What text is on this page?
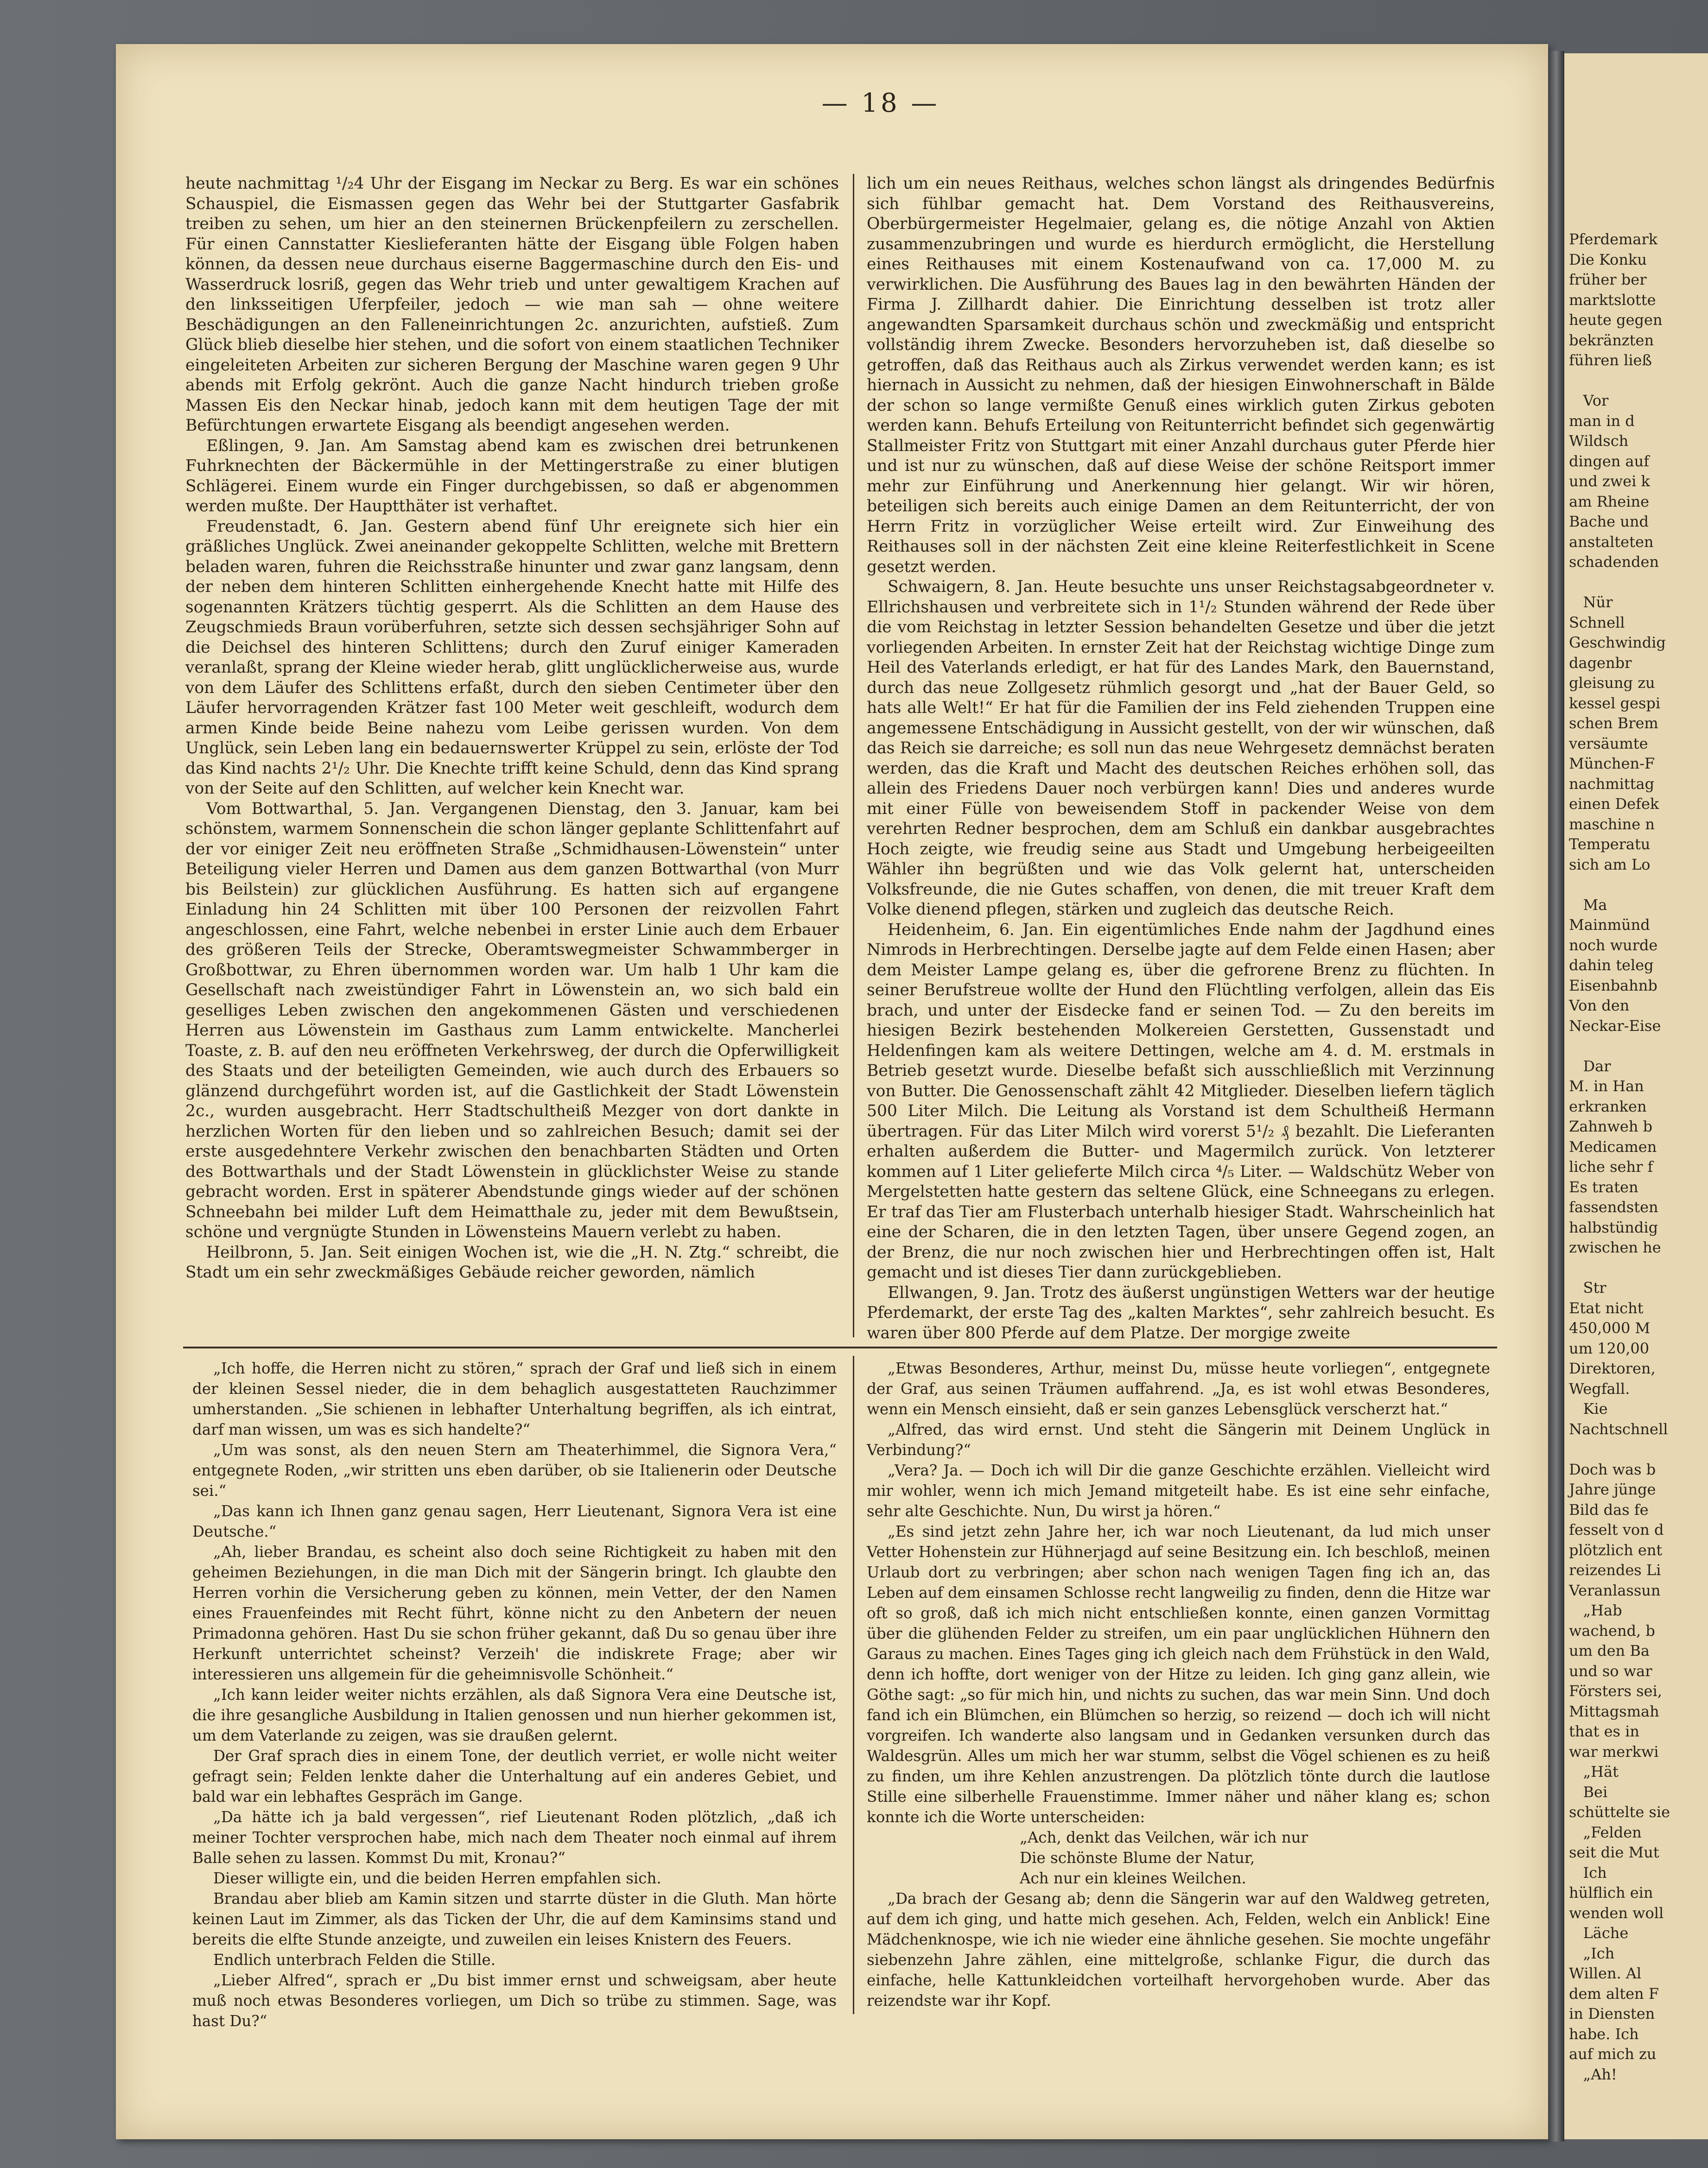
Pferdemark
Die Konku
früher ber
marktslotte
heute gegen
bekränzten
führen ließ

Vor
man in d
Wildsch
dingen auf
und zwei k
am Rheine
Bache und
anstalteten
schadenden

Nür
Schnell
Geschwindig
dagenbr
gleisung zu
kessel gespi
schen Brem
versäumte
München-F
nachmittag
einen Defek
maschine n
Temperatu
sich am Lo

Ma
Mainmünd
noch wurde
dahin teleg
Eisenbahnb
Von den
Neckar-Eise

Dar
M. in Han
erkranken
Zahnweh b
Medicamen
liche sehr f
Es traten
fassendsten
halbstündig
zwischen he

Str
Etat nicht
450,000 M
um 120,00
Direktoren,
Wegfall.
Kie
Nachtschnell

Doch was b
Jahre jünge
Bild das fe
fesselt von d
plötzlich ent
reizendes Li
Veranlassun
„Hab
wachend, b
um den Ba
und so war
Försters sei,
Mittagsmah
that es in
war merkwi
„Hät
Bei
schüttelte sie
„Felden
seit die Mut
Ich
hülflich ein
wenden woll
Läche
„Ich
Willen. Al
dem alten F
in Diensten
habe. Ich
auf mich zu
„Ah!
— 18 —

heute nachmittag ¹/₂4 Uhr der Eisgang im Neckar zu Berg. Es war ein schönes Schauspiel, die Eismassen gegen das Wehr bei der Stuttgarter Gasfabrik treiben zu sehen, um hier an den steinernen Brückenpfeilern zu zerschellen. Für einen Cannstatter Kieslieferanten hätte der Eisgang üble Folgen haben können, da dessen neue durchaus eiserne Baggermaschine durch den Eis- und Wasserdruck losriß, gegen das Wehr trieb und unter gewaltigem Krachen auf den linksseitigen Uferpfeiler, jedoch — wie man sah — ohne weitere Beschädigungen an den Falleneinrichtungen 2c. anzurichten, aufstieß. Zum Glück blieb dieselbe hier stehen, und die sofort von einem staatlichen Techniker eingeleiteten Arbeiten zur sicheren Bergung der Maschine waren gegen 9 Uhr abends mit Erfolg gekrönt. Auch die ganze Nacht hindurch trieben große Massen Eis den Neckar hinab, jedoch kann mit dem heutigen Tage der mit Befürchtungen erwartete Eisgang als beendigt angesehen werden.

Eßlingen, 9. Jan. Am Samstag abend kam es zwischen drei betrunkenen Fuhrknechten der Bäckermühle in der Mettingerstraße zu einer blutigen Schlägerei. Einem wurde ein Finger durchgebissen, so daß er abgenommen werden mußte. Der Hauptthäter ist verhaftet.

Freudenstadt, 6. Jan. Gestern abend fünf Uhr ereignete sich hier ein gräßliches Unglück. Zwei aneinander gekoppelte Schlitten, welche mit Brettern beladen waren, fuhren die Reichsstraße hinunter und zwar ganz langsam, denn der neben dem hinteren Schlitten einhergehende Knecht hatte mit Hilfe des sogenannten Krätzers tüchtig gesperrt. Als die Schlitten an dem Hause des Zeugschmieds Braun vorüberfuhren, setzte sich dessen sechsjähriger Sohn auf die Deichsel des hinteren Schlittens; durch den Zuruf einiger Kameraden veranlaßt, sprang der Kleine wieder herab, glitt unglücklicherweise aus, wurde von dem Läufer des Schlittens erfaßt, durch den sieben Centimeter über den Läufer hervorragenden Krätzer fast 100 Meter weit geschleift, wodurch dem armen Kinde beide Beine nahezu vom Leibe gerissen wurden. Von dem Unglück, sein Leben lang ein bedauernswerter Krüppel zu sein, erlöste der Tod das Kind nachts 2¹/₂ Uhr. Die Knechte trifft keine Schuld, denn das Kind sprang von der Seite auf den Schlitten, auf welcher kein Knecht war.

Vom Bottwarthal, 5. Jan. Vergangenen Dienstag, den 3. Januar, kam bei schönstem, warmem Sonnenschein die schon länger geplante Schlittenfahrt auf der vor einiger Zeit neu eröffneten Straße „Schmidhausen-Löwenstein“ unter Beteiligung vieler Herren und Damen aus dem ganzen Bottwarthal (von Murr bis Beilstein) zur glücklichen Ausführung. Es hatten sich auf ergangene Einladung hin 24 Schlitten mit über 100 Personen der reizvollen Fahrt angeschlossen, eine Fahrt, welche nebenbei in erster Linie auch dem Erbauer des größeren Teils der Strecke, Oberamtswegmeister Schwammberger in Großbottwar, zu Ehren übernommen worden war. Um halb 1 Uhr kam die Gesellschaft nach zweistündiger Fahrt in Löwenstein an, wo sich bald ein geselliges Leben zwischen den angekommenen Gästen und verschiedenen Herren aus Löwenstein im Gasthaus zum Lamm entwickelte. Mancherlei Toaste, z. B. auf den neu eröffneten Verkehrsweg, der durch die Opferwilligkeit des Staats und der beteiligten Gemeinden, wie auch durch des Erbauers so glänzend durchgeführt worden ist, auf die Gastlichkeit der Stadt Löwenstein 2c., wurden ausgebracht. Herr Stadtschultheiß Mezger von dort dankte in herzlichen Worten für den lieben und so zahlreichen Besuch; damit sei der erste ausgedehntere Verkehr zwischen den benachbarten Städten und Orten des Bottwarthals und der Stadt Löwenstein in glücklichster Weise zu stande gebracht worden. Erst in späterer Abendstunde gings wieder auf der schönen Schneebahn bei milder Luft dem Heimatthale zu, jeder mit dem Bewußtsein, schöne und vergnügte Stunden in Löwensteins Mauern verlebt zu haben.

Heilbronn, 5. Jan. Seit einigen Wochen ist, wie die „H. N. Ztg.“ schreibt, die Stadt um ein sehr zweckmäßiges Gebäude reicher geworden, nämlich

lich um ein neues Reithaus, welches schon längst als dringendes Bedürfnis sich fühlbar gemacht hat. Dem Vorstand des Reithausvereins, Oberbürgermeister Hegelmaier, gelang es, die nötige Anzahl von Aktien zusammenzubringen und wurde es hierdurch ermöglicht, die Herstellung eines Reithauses mit einem Kostenaufwand von ca. 17,000 M. zu verwirklichen. Die Ausführung des Baues lag in den bewährten Händen der Firma J. Zillhardt dahier. Die Einrichtung desselben ist trotz aller angewandten Sparsamkeit durchaus schön und zweckmäßig und entspricht vollständig ihrem Zwecke. Besonders hervorzuheben ist, daß dieselbe so getroffen, daß das Reithaus auch als Zirkus verwendet werden kann; es ist hiernach in Aussicht zu nehmen, daß der hiesigen Einwohnerschaft in Bälde der schon so lange vermißte Genuß eines wirklich guten Zirkus geboten werden kann. Behufs Erteilung von Reitunterricht befindet sich gegenwärtig Stallmeister Fritz von Stuttgart mit einer Anzahl durchaus guter Pferde hier und ist nur zu wünschen, daß auf diese Weise der schöne Reitsport immer mehr zur Einführung und Anerkennung hier gelangt. Wir wir hören, beteiligen sich bereits auch einige Damen an dem Reitunterricht, der von Herrn Fritz in vorzüglicher Weise erteilt wird. Zur Einweihung des Reithauses soll in der nächsten Zeit eine kleine Reiterfestlichkeit in Scene gesetzt werden.

Schwaigern, 8. Jan. Heute besuchte uns unser Reichstagsabgeordneter v. Ellrichshausen und verbreitete sich in 1¹/₂ Stunden während der Rede über die vom Reichstag in letzter Session behandelten Gesetze und über die jetzt vorliegenden Arbeiten. In ernster Zeit hat der Reichstag wichtige Dinge zum Heil des Vaterlands erledigt, er hat für des Landes Mark, den Bauernstand, durch das neue Zollgesetz rühmlich gesorgt und „hat der Bauer Geld, so hats alle Welt!“ Er hat für die Familien der ins Feld ziehenden Truppen eine angemessene Entschädigung in Aussicht gestellt, von der wir wünschen, daß das Reich sie darreiche; es soll nun das neue Wehrgesetz demnächst beraten werden, das die Kraft und Macht des deutschen Reiches erhöhen soll, das allein des Friedens Dauer noch verbürgen kann! Dies und anderes wurde mit einer Fülle von beweisendem Stoff in packender Weise von dem verehrten Redner besprochen, dem am Schluß ein dankbar ausgebrachtes Hoch zeigte, wie freudig seine aus Stadt und Umgebung herbeigeeilten Wähler ihn begrüßten und wie das Volk gelernt hat, unterscheiden Volksfreunde, die nie Gutes schaffen, von denen, die mit treuer Kraft dem Volke dienend pflegen, stärken und zugleich das deutsche Reich.

Heidenheim, 6. Jan. Ein eigentümliches Ende nahm der Jagdhund eines Nimrods in Herbrechtingen. Derselbe jagte auf dem Felde einen Hasen; aber dem Meister Lampe gelang es, über die gefrorene Brenz zu flüchten. In seiner Berufstreue wollte der Hund den Flüchtling verfolgen, allein das Eis brach, und unter der Eisdecke fand er seinen Tod. — Zu den bereits im hiesigen Bezirk bestehenden Molkereien Gerstetten, Gussenstadt und Heldenfingen kam als weitere Dettingen, welche am 4. d. M. erstmals in Betrieb gesetzt wurde. Dieselbe befaßt sich ausschließlich mit Verzinnung von Butter. Die Genossenschaft zählt 42 Mitglieder. Dieselben liefern täglich 500 Liter Milch. Die Leitung als Vorstand ist dem Schultheiß Hermann übertragen. Für das Liter Milch wird vorerst 5¹/₂ ₰ bezahlt. Die Lieferanten erhalten außerdem die Butter- und Magermilch zurück. Von letzterer kommen auf 1 Liter gelieferte Milch circa ⁴/₅ Liter. — Waldschütz Weber von Mergelstetten hatte gestern das seltene Glück, eine Schneegans zu erlegen. Er traf das Tier am Flusterbach unterhalb hiesiger Stadt. Wahrscheinlich hat eine der Scharen, die in den letzten Tagen, über unsere Gegend zogen, an der Brenz, die nur noch zwischen hier und Herbrechtingen offen ist, Halt gemacht und ist dieses Tier dann zurückgeblieben.

Ellwangen, 9. Jan. Trotz des äußerst ungünstigen Wetters war der heutige Pferdemarkt, der erste Tag des „kalten Marktes“, sehr zahlreich besucht. Es waren über 800 Pferde auf dem Platze. Der morgige zweite

„Ich hoffe, die Herren nicht zu stören,“ sprach der Graf und ließ sich in einem der kleinen Sessel nieder, die in dem behaglich ausgestatteten Rauchzimmer umherstanden. „Sie schienen in lebhafter Unterhaltung begriffen, als ich eintrat, darf man wissen, um was es sich handelte?“

„Um was sonst, als den neuen Stern am Theaterhimmel, die Signora Vera,“ entgegnete Roden, „wir stritten uns eben darüber, ob sie Italienerin oder Deutsche sei.“

„Das kann ich Ihnen ganz genau sagen, Herr Lieutenant, Signora Vera ist eine Deutsche.“

„Ah, lieber Brandau, es scheint also doch seine Richtigkeit zu haben mit den geheimen Beziehungen, in die man Dich mit der Sängerin bringt. Ich glaubte den Herren vorhin die Versicherung geben zu können, mein Vetter, der den Namen eines Frauenfeindes mit Recht führt, könne nicht zu den Anbetern der neuen Primadonna gehören. Hast Du sie schon früher gekannt, daß Du so genau über ihre Herkunft unterrichtet scheinst? Verzeih' die indiskrete Frage; aber wir interessieren uns allgemein für die geheimnisvolle Schönheit.“

„Ich kann leider weiter nichts erzählen, als daß Signora Vera eine Deutsche ist, die ihre gesangliche Ausbildung in Italien genossen und nun hierher gekommen ist, um dem Vaterlande zu zeigen, was sie draußen gelernt.

Der Graf sprach dies in einem Tone, der deutlich verriet, er wolle nicht weiter gefragt sein; Felden lenkte daher die Unterhaltung auf ein anderes Gebiet, und bald war ein lebhaftes Gespräch im Gange.

„Da hätte ich ja bald vergessen“, rief Lieutenant Roden plötzlich, „daß ich meiner Tochter versprochen habe, mich nach dem Theater noch einmal auf ihrem Balle sehen zu lassen. Kommst Du mit, Kronau?“

Dieser willigte ein, und die beiden Herren empfahlen sich.

Brandau aber blieb am Kamin sitzen und starrte düster in die Gluth. Man hörte keinen Laut im Zimmer, als das Ticken der Uhr, die auf dem Kaminsims stand und bereits die elfte Stunde anzeigte, und zuweilen ein leises Knistern des Feuers.

Endlich unterbrach Felden die Stille.

„Lieber Alfred“, sprach er „Du bist immer ernst und schweigsam, aber heute muß noch etwas Besonderes vorliegen, um Dich so trübe zu stimmen. Sage, was hast Du?“

„Etwas Besonderes, Arthur, meinst Du, müsse heute vorliegen“, entgegnete der Graf, aus seinen Träumen auffahrend. „Ja, es ist wohl etwas Besonderes, wenn ein Mensch einsieht, daß er sein ganzes Lebensglück verscherzt hat.“

„Alfred, das wird ernst. Und steht die Sängerin mit Deinem Unglück in Verbindung?“

„Vera? Ja. — Doch ich will Dir die ganze Geschichte erzählen. Vielleicht wird mir wohler, wenn ich mich Jemand mitgeteilt habe. Es ist eine sehr einfache, sehr alte Geschichte. Nun, Du wirst ja hören.“

„Es sind jetzt zehn Jahre her, ich war noch Lieutenant, da lud mich unser Vetter Hohenstein zur Hühnerjagd auf seine Besitzung ein. Ich beschloß, meinen Urlaub dort zu verbringen; aber schon nach wenigen Tagen fing ich an, das Leben auf dem einsamen Schlosse recht langweilig zu finden, denn die Hitze war oft so groß, daß ich mich nicht entschließen konnte, einen ganzen Vormittag über die glühenden Felder zu streifen, um ein paar unglücklichen Hühnern den Garaus zu machen. Eines Tages ging ich gleich nach dem Frühstück in den Wald, denn ich hoffte, dort weniger von der Hitze zu leiden. Ich ging ganz allein, wie Göthe sagt: „so für mich hin, und nichts zu suchen, das war mein Sinn. Und doch fand ich ein Blümchen, ein Blümchen so herzig, so reizend — doch ich will nicht vorgreifen. Ich wanderte also langsam und in Gedanken versunken durch das Waldesgrün. Alles um mich her war stumm, selbst die Vögel schienen es zu heiß zu finden, um ihre Kehlen anzustrengen. Da plötzlich tönte durch die lautlose Stille eine silberhelle Frauenstimme. Immer näher und näher klang es; schon konnte ich die Worte unterscheiden:

„Ach, denkt das Veilchen, wär ich nur

Die schönste Blume der Natur,

Ach nur ein kleines Weilchen.

„Da brach der Gesang ab; denn die Sängerin war auf den Waldweg getreten, auf dem ich ging, und hatte mich gesehen. Ach, Felden, welch ein Anblick! Eine Mädchenknospe, wie ich nie wieder eine ähnliche gesehen. Sie mochte ungefähr siebenzehn Jahre zählen, eine mittelgroße, schlanke Figur, die durch das einfache, helle Kattunkleidchen vorteilhaft hervorgehoben wurde. Aber das reizendste war ihr Kopf.
